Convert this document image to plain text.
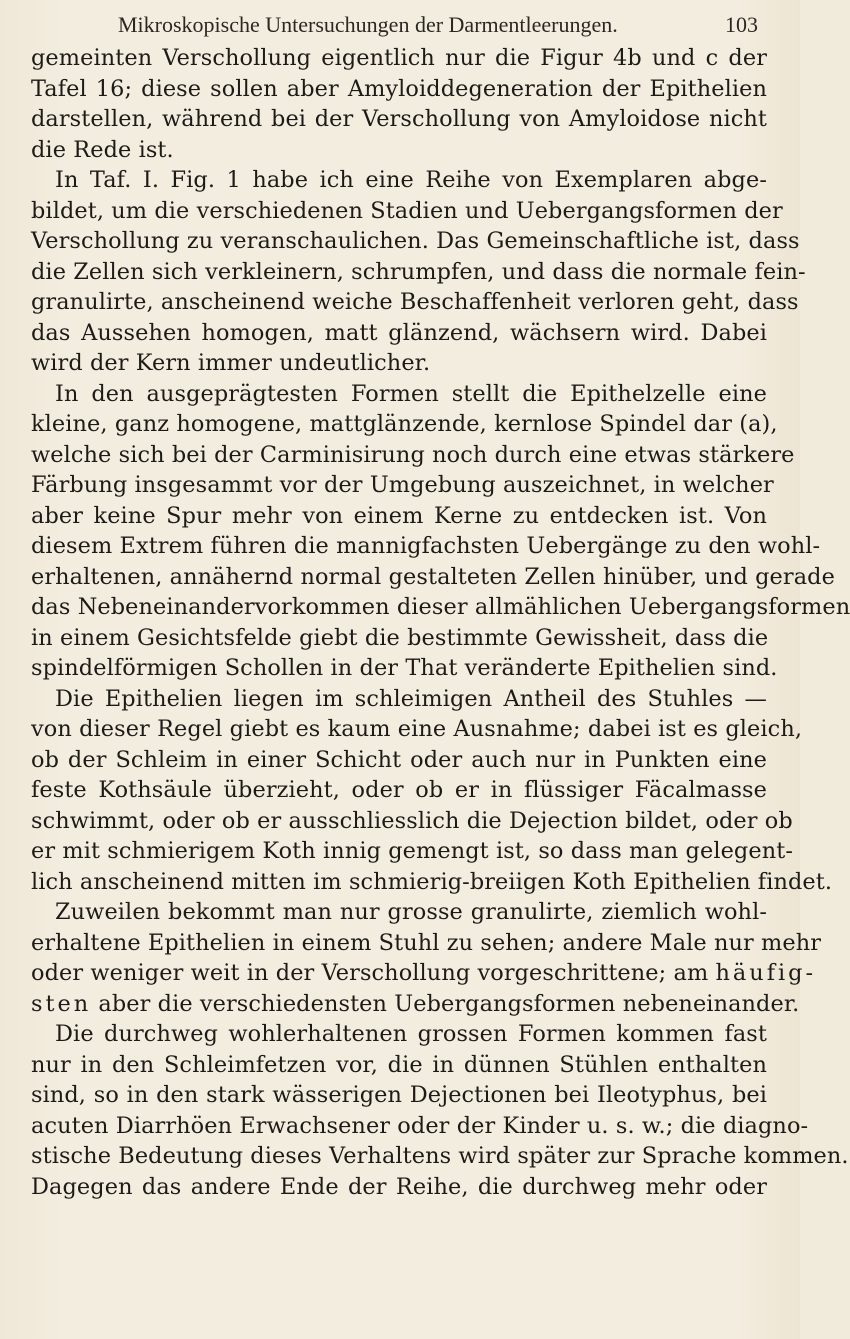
Mikroskopische Untersuchungen der Darmentleerungen.	103
gemeinten Verschollung eigentlich nur die Figur 4b und c der
Tafel 16; diese sollen aber Amyloiddegeneration der Epithelien
darstellen, während bei der Verschollung von Amyloidose nicht
die Rede ist.
In Taf. I. Fig. 1 habe ich eine Reihe von Exemplaren abge-
bildet, um die verschiedenen Stadien und Uebergangsformen der
Verschollung zu veranschaulichen. Das Gemeinschaftliche ist, dass
die Zellen sich verkleinern, schrumpfen, und dass die normale fein-
granulirte, anscheinend weiche Beschaffenheit verloren geht, dass
das Aussehen homogen, matt glänzend, wächsern wird. Dabei
wird der Kern immer undeutlicher.
In den ausgeprägtesten Formen stellt die Epithelzelle eine
kleine, ganz homogene, mattglänzende, kernlose Spindel dar (a),
welche sich bei der Carminisirung noch durch eine etwas stärkere
Färbung insgesammt vor der Umgebung auszeichnet, in welcher
aber keine Spur mehr von einem Kerne zu entdecken ist. Von
diesem Extrem führen die mannigfachsten Uebergänge zu den wohl-
erhaltenen, annähernd normal gestalteten Zellen hinüber, und gerade
das Nebeneinandervorkommen dieser allmählichen Uebergangsformen
in einem Gesichtsfelde giebt die bestimmte Gewissheit, dass die
spindelförmigen Schollen in der That veränderte Epithelien sind.
Die Epithelien liegen im schleimigen Antheil des Stuhles —
von dieser Regel giebt es kaum eine Ausnahme; dabei ist es gleich,
ob der Schleim in einer Schicht oder auch nur in Punkten eine
feste Kothsäule überzieht, oder ob er in flüssiger Fäcalmasse
schwimmt, oder ob er ausschliesslich die Dejection bildet, oder ob
er mit schmierigem Koth innig gemengt ist, so dass man gelegent-
lich anscheinend mitten im schmierig-breiigen Koth Epithelien findet.
Zuweilen bekommt man nur grosse granulirte, ziemlich wohl-
erhaltene Epithelien in einem Stuhl zu sehen; andere Male nur mehr
oder weniger weit in der Verschollung vorgeschrittene; am häufig-
sten aber die verschiedensten Uebergangsformen nebeneinander.
Die durchweg wohlerhaltenen grossen Formen kommen fast
nur in den Schleimfetzen vor, die in dünnen Stühlen enthalten
sind, so in den stark wässerigen Dejectionen bei Ileotyphus, bei
acuten Diarrhöen Erwachsener oder der Kinder u. s. w.; die diagno-
stische Bedeutung dieses Verhaltens wird später zur Sprache kommen.
Dagegen das andere Ende der Reihe, die durchweg mehr oder
